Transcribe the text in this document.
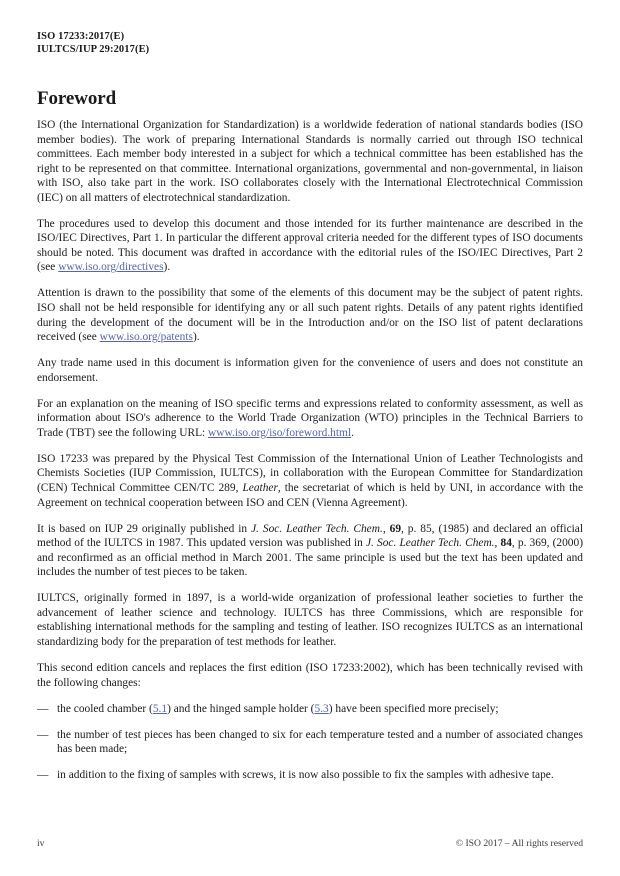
ISO 17233:2017(E)
IULTCS/IUP 29:2017(E)
Foreword

ISO (the International Organization for Standardization) is a worldwide federation of national standards bodies (ISO member bodies). The work of preparing International Standards is normally carried out through ISO technical committees. Each member body interested in a subject for which a technical committee has been established has the right to be represented on that committee. International organizations, governmental and non-governmental, in liaison with ISO, also take part in the work. ISO collaborates closely with the International Electrotechnical Commission (IEC) on all matters of electrotechnical standardization.

The procedures used to develop this document and those intended for its further maintenance are described in the ISO/IEC Directives, Part 1. In particular the different approval criteria needed for the different types of ISO documents should be noted. This document was drafted in accordance with the editorial rules of the ISO/IEC Directives, Part 2 (see www.iso.org/directives).

Attention is drawn to the possibility that some of the elements of this document may be the subject of patent rights. ISO shall not be held responsible for identifying any or all such patent rights. Details of any patent rights identified during the development of the document will be in the Introduction and/or on the ISO list of patent declarations received (see www.iso.org/patents).

Any trade name used in this document is information given for the convenience of users and does not constitute an endorsement.

For an explanation on the meaning of ISO specific terms and expressions related to conformity assessment, as well as information about ISO's adherence to the World Trade Organization (WTO) principles in the Technical Barriers to Trade (TBT) see the following URL: www.iso.org/iso/foreword.html.

ISO 17233 was prepared by the Physical Test Commission of the International Union of Leather Technologists and Chemists Societies (IUP Commission, IULTCS), in collaboration with the European Committee for Standardization (CEN) Technical Committee CEN/TC 289, Leather, the secretariat of which is held by UNI, in accordance with the Agreement on technical cooperation between ISO and CEN (Vienna Agreement).

It is based on IUP 29 originally published in J. Soc. Leather Tech. Chem., 69, p. 85, (1985) and declared an official method of the IULTCS in 1987. This updated version was published in J. Soc. Leather Tech. Chem., 84, p. 369, (2000) and reconfirmed as an official method in March 2001. The same principle is used but the text has been updated and includes the number of test pieces to be taken.

IULTCS, originally formed in 1897, is a world-wide organization of professional leather societies to further the advancement of leather science and technology. IULTCS has three Commissions, which are responsible for establishing international methods for the sampling and testing of leather. ISO recognizes IULTCS as an international standardizing body for the preparation of test methods for leather.

This second edition cancels and replaces the first edition (ISO 17233:2002), which has been technically revised with the following changes:

— the cooled chamber (5.1) and the hinged sample holder (5.3) have been specified more precisely;
— the number of test pieces has been changed to six for each temperature tested and a number of associated changes has been made;
— in addition to the fixing of samples with screws, it is now also possible to fix the samples with adhesive tape.
iv	© ISO 2017 – All rights reserved
